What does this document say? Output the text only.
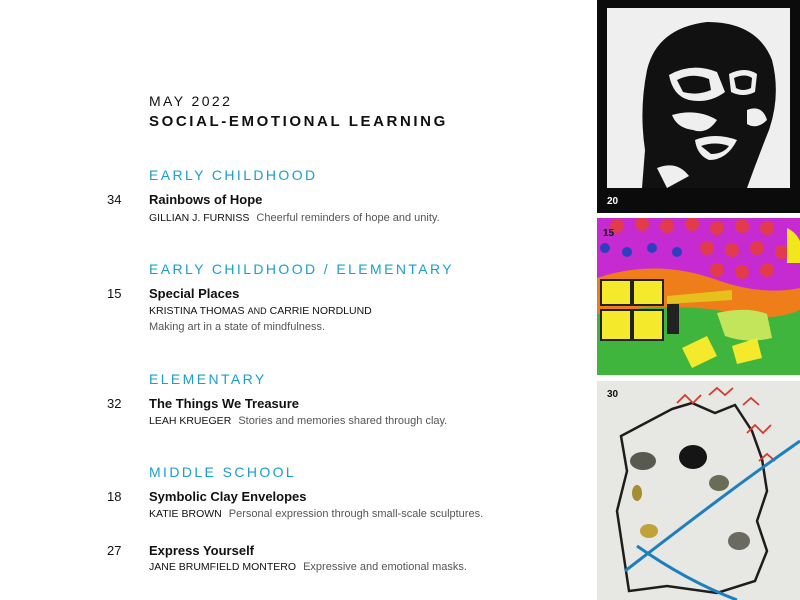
MAY 2022
SOCIAL-EMOTIONAL LEARNING
EARLY CHILDHOOD
34 Rainbows of Hope
GILLIAN J. FURNISS Cheerful reminders of hope and unity.
EARLY CHILDHOOD / ELEMENTARY
15 Special Places
KRISTINA THOMAS AND CARRIE NORDLUND
Making art in a state of mindfulness.
ELEMENTARY
32 The Things We Treasure
LEAH KRUEGER Stories and memories shared through clay.
MIDDLE SCHOOL
18 Symbolic Clay Envelopes
KATIE BROWN Personal expression through small-scale sculptures.
27 Express Yourself
JANE BRUMFIELD MONTERO Expressive and emotional masks.
20
15
30
